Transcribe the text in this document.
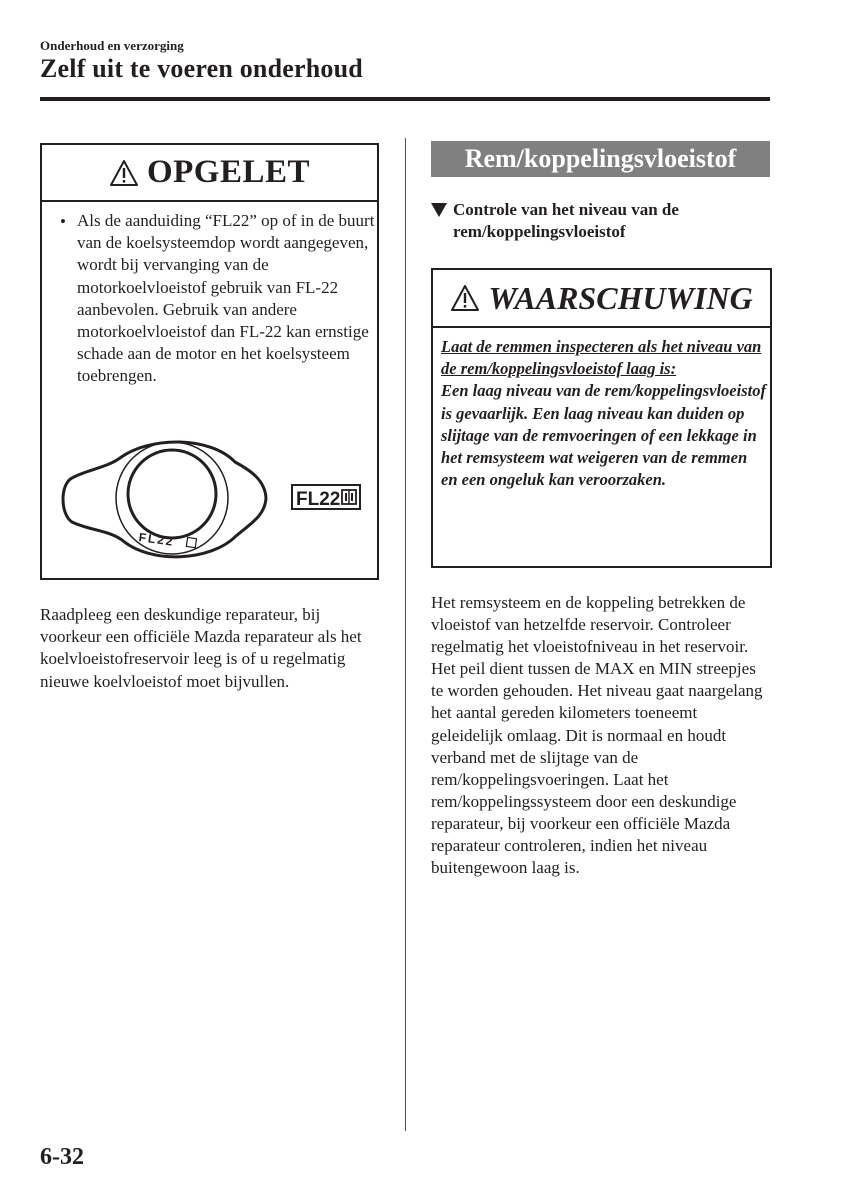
Onderhoud en verzorging
Zelf uit te voeren onderhoud
OPGELET
• Als de aanduiding “FL22” op of in de buurt van de koelsysteemdop wordt aangegeven, wordt bij vervanging van de motorkoelvloeistof gebruik van FL-22 aanbevolen. Gebruik van andere motorkoelvloeistof dan FL-22 kan ernstige schade aan de motor en het koelsysteem toebrengen.
FL22
FL22
Raadpleeg een deskundige reparateur, bij voorkeur een officiële Mazda reparateur als het koelvloeistofreservoir leeg is of u regelmatig nieuwe koelvloeistof moet bijvullen.
Rem/koppelingsvloeistof
Controle van het niveau van de rem/koppelingsvloeistof
WAARSCHUWING
Laat de remmen inspecteren als het niveau van de rem/koppelingsvloeistof laag is:
Een laag niveau van de rem/koppelingsvloeistof is gevaarlijk. Een laag niveau kan duiden op slijtage van de remvoeringen of een lekkage in het remsysteem wat weigeren van de remmen en een ongeluk kan veroorzaken.
Het remsysteem en de koppeling betrekken de vloeistof van hetzelfde reservoir. Controleer regelmatig het vloeistofniveau in het reservoir. Het peil dient tussen de MAX en MIN streepjes te worden gehouden. Het niveau gaat naargelang het aantal gereden kilometers toeneemt geleidelijk omlaag. Dit is normaal en houdt verband met de slijtage van de rem/koppelingsvoeringen. Laat het rem/koppelingssysteem door een deskundige reparateur, bij voorkeur een officiële Mazda reparateur controleren, indien het niveau buitengewoon laag is.
6-32
